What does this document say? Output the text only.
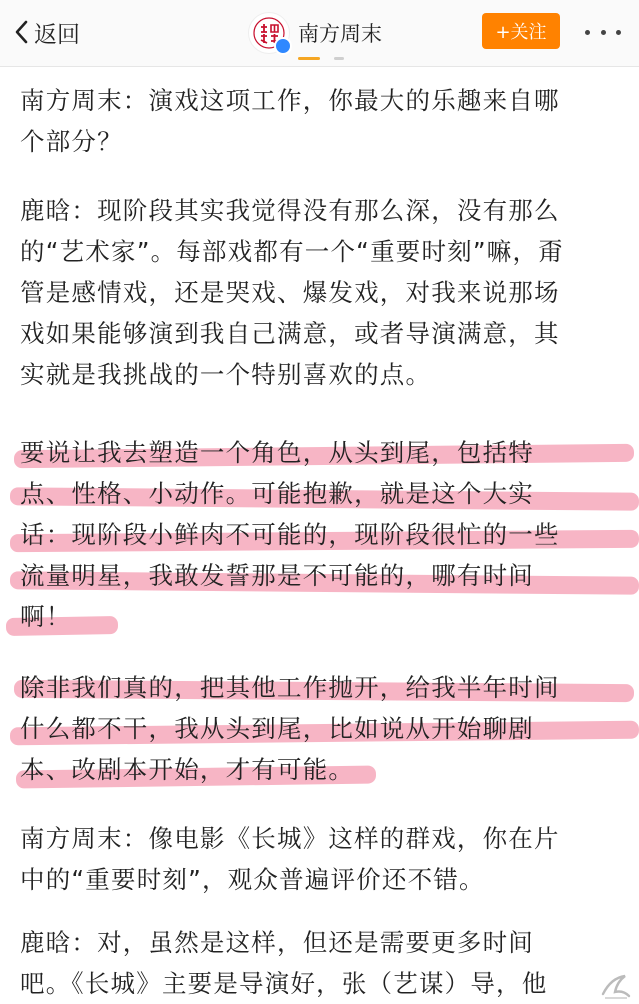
返回	南方周末	+关注
南方周末：演戏这项工作，你最大的乐趣来自哪
个部分？
鹿晗：现阶段其实我觉得没有那么深，没有那么
的“艺术家”。每部戏都有一个“重要时刻”嘛，甭
管是感情戏，还是哭戏、爆发戏，对我来说那场
戏如果能够演到我自己满意，或者导演满意，其
实就是我挑战的一个特别喜欢的点。
要说让我去塑造一个角色，从头到尾，包括特
点、性格、小动作。可能抱歉，就是这个大实
话：现阶段小鲜肉不可能的，现阶段很忙的一些
流量明星，我敢发誓那是不可能的，哪有时间
啊！
除非我们真的，把其他工作抛开，给我半年时间
什么都不干，我从头到尾，比如说从开始聊剧
本、改剧本开始，才有可能。
南方周末：像电影《长城》这样的群戏，你在片
中的“重要时刻”，观众普遍评价还不错。
鹿晗：对，虽然是这样，但还是需要更多时间
吧。《长城》主要是导演好，张（艺谋）导，他
